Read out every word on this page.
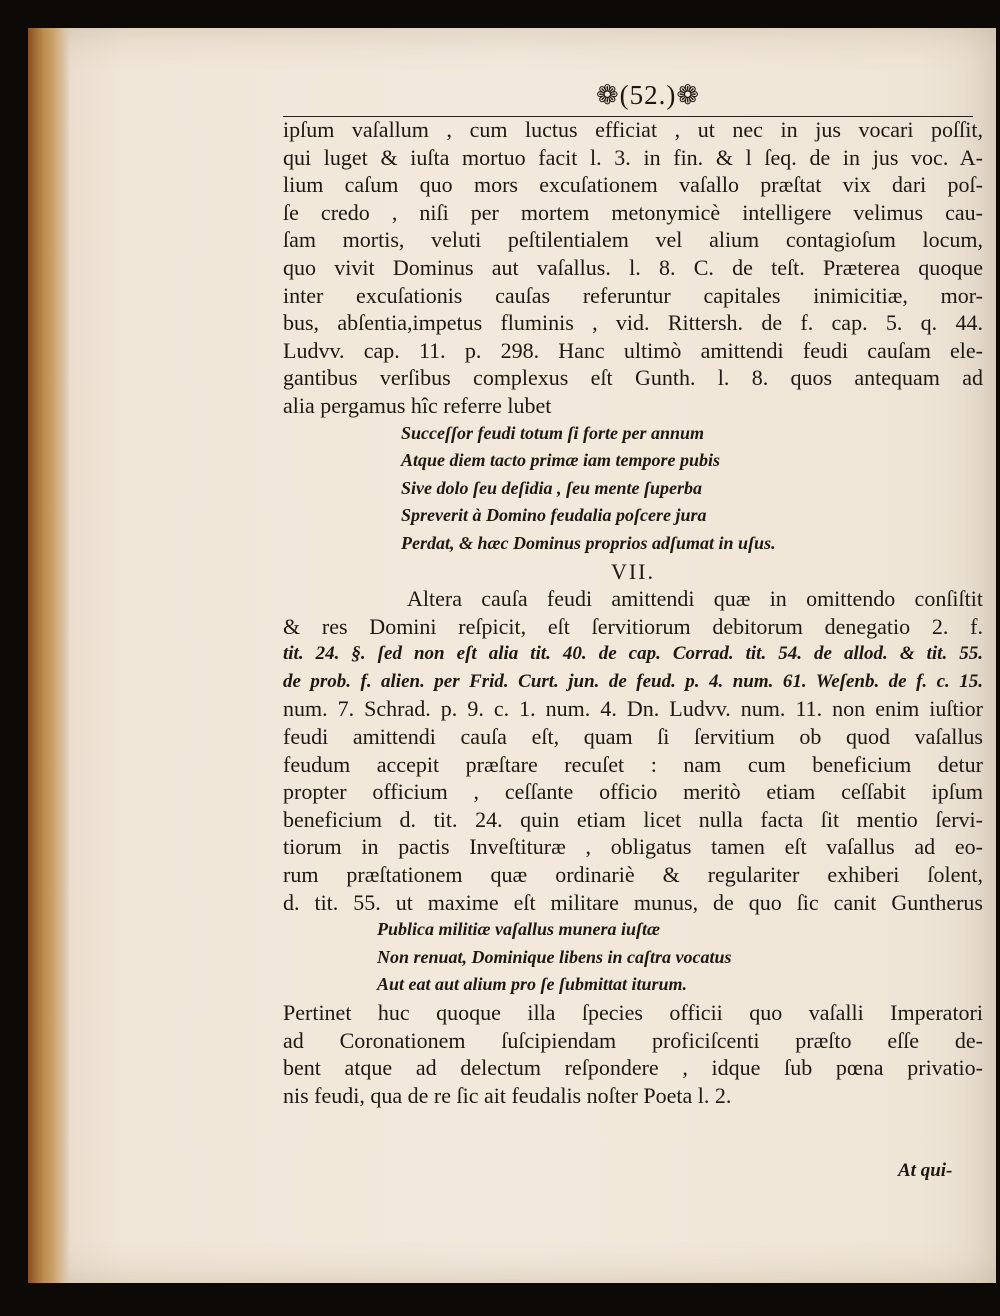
❁(52.)❁
ipſum vaſallum , cum luctus efficiat , ut nec in jus vocari poſſit,
qui luget & iuſta mortuo facit l. 3. in fin. & l ſeq. de in jus voc. A-
lium caſum quo mors excuſationem vaſallo præſtat vix dari poſ-
ſe credo , niſi per mortem metonymicè intelligere velimus cau-
ſam mortis, veluti peſtilentialem vel alium contagioſum locum,
quo vivit Dominus aut vaſallus. l. 8. C. de teſt. Præterea quoque
inter excuſationis cauſas referuntur capitales inimicitiæ, mor-
bus, abſentia,impetus fluminis , vid. Rittersh. de f. cap. 5. q. 44.
Ludvv. cap. 11. p. 298. Hanc ultimò amittendi feudi cauſam ele-
gantibus verſibus complexus eſt Gunth. l. 8. quos antequam ad
alia pergamus hîc referre lubet
Succeſſor feudi totum ſi forte per annum
Atque diem tacto primæ iam tempore pubis
Sive dolo ſeu deſidia , ſeu mente ſuperba
Spreverit à Domino feudalia poſcere jura
Perdat, & hæc Dominus proprios adſumat in uſus.
VII.
Altera cauſa feudi amittendi quæ in omittendo conſiſtit
& res Domini reſpicit, eſt ſervitiorum debitorum denegatio 2. f.
tit. 24. §. ſed non eſt alia tit. 40. de cap. Corrad. tit. 54. de allod. & tit. 55.
de prob. f. alien. per Frid. Curt. jun. de feud. p. 4. num. 61. Weſenb. de f. c. 15.
num. 7. Schrad. p. 9. c. 1. num. 4. Dn. Ludvv. num. 11. non enim iuſtior
feudi amittendi cauſa eſt, quam ſi ſervitium ob quod vaſallus
feudum accepit præſtare recuſet : nam cum beneficium detur
propter officium , ceſſante officio meritò etiam ceſſabit ipſum
beneficium d. tit. 24. quin etiam licet nulla facta ſit mentio ſervi-
tiorum in pactis Inveſtituræ , obligatus tamen eſt vaſallus ad eo-
rum præſtationem quæ ordinariè & regulariter exhiberi ſolent,
d. tit. 55. ut maxime eſt militare munus, de quo ſic canit Guntherus
Publica militiæ vaſallus munera iuſtæ
Non renuat, Dominique libens in caſtra vocatus
Aut eat aut alium pro ſe ſubmittat iturum.
Pertinet huc quoque illa ſpecies officii quo vaſalli Imperatori
ad Coronationem ſuſcipiendam proficiſcenti præſto eſſe de-
bent atque ad delectum reſpondere , idque ſub pœna privatio-
nis feudi, qua de re ſic ait feudalis noſter Poeta l. 2.
At qui-
